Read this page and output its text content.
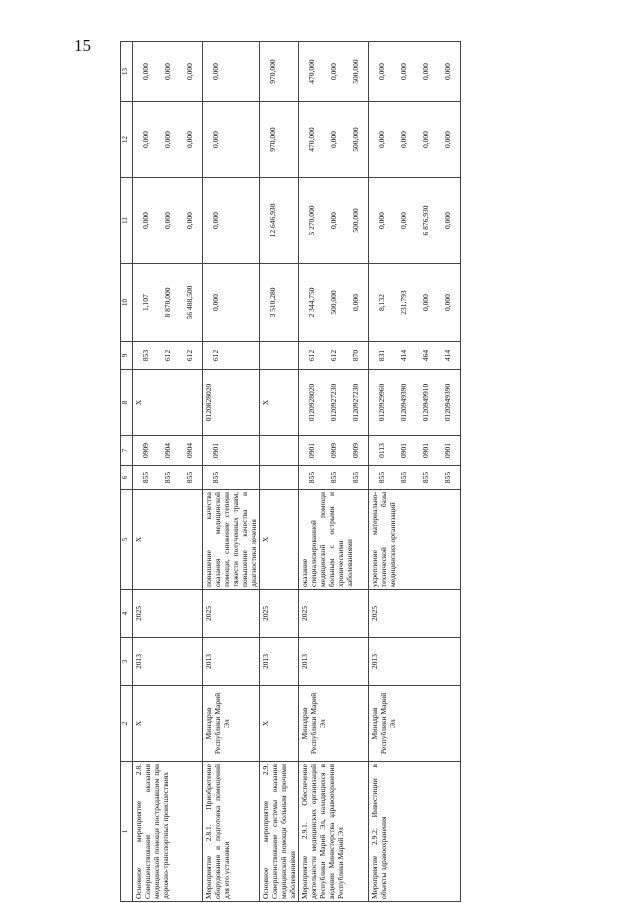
15
1	2	3	4	5	6	7	8	9	10	11	12	13
Основное мероприятие 2.8. Совершенствование оказания медицинской помощи пострадавшим при дорожно-транспортных происшествиях	Х	2013	2025	Х	855 855 855	0909 0904 0904	Х	853 612 612	1,107 8 870,000 56 488,500	0,000 0,000 0,000	0,000 0,000 0,000	0,000 0,000 0,000

Мероприятие 2.8.1. Приобретение оборудования и подготовка помещений для его установки	Минздрав Республики Марий Эл	2013	2025	повышение качества оказания медицинской помощи, снижение степени тяжести полученных травм, повышение качества и диагностики лечения	855	0901	0120828020	612	0,000	0,000	0,000	0,000

Основное мероприятие 2.9. Совершенствование системы оказания медицинской помощи больным прочими заболеваниями	Х	2013	2025	Х			Х		3 510,280	12 646,930	970,000	970,000

Мероприятие 2.9.1. Обеспечение деятельности медицинских организаций Республики Марий Эл, находящихся в ведении Министерства здравоохранения Республики Марий Эл	Минздрав Республики Марий Эл	2013	2025	оказание специализированной медицинской помощи больным с острыми и хроническими заболеваниями	855 855 855	0901 0909 0909	0120928020 0120927230 0120927230	612 612 870	2 344,750 500,000 0,000	5 270,000 0,000 500,000	470,000 0,000 500,000	470,000 0,000 500,000

Мероприятие 2.9.2. Инвестиции в объекты здравоохранения	Минздрав Республики Марий Эл	2013	2025	укрепление материально-технической базы медицинских организаций	855 855 855 855	0113 0901 0901 0901	0120929960 0120949390 0120949910 0120949390	831 414 464 414	8,132 231,793 0,000 0,000	0,000 0,000 6 876,930 0,000	0,000 0,000 0,000 0,000	0,000 0,000 0,000 0,000
